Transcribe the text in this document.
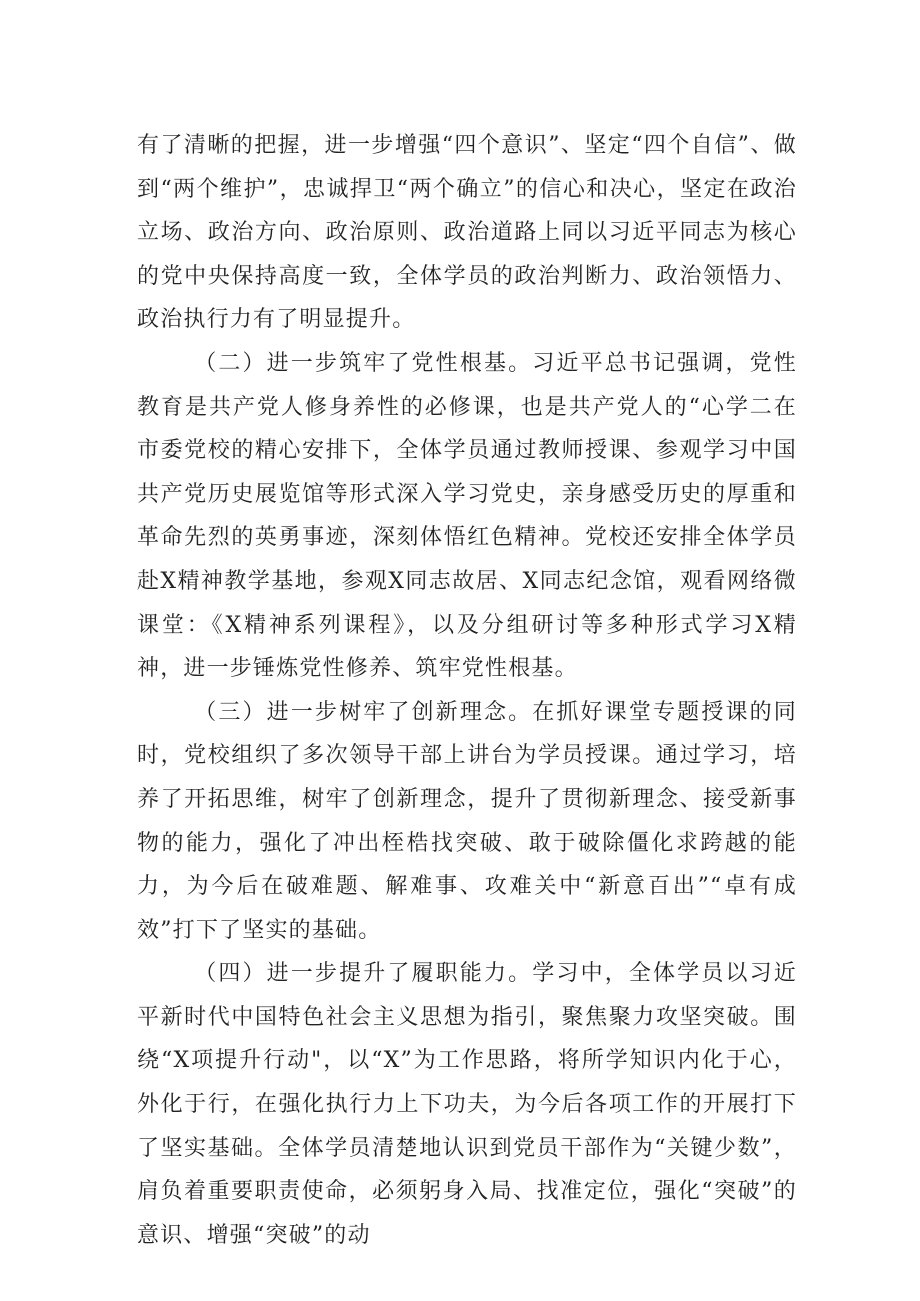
有了清晰的把握，进一步增强“四个意识”、坚定“四个自信”、做到“两个维护”，忠诚捍卫“两个确立”的信心和决心，坚定在政治立场、政治方向、政治原则、政治道路上同以习近平同志为核心的党中央保持高度一致，全体学员的政治判断力、政治领悟力、政治执行力有了明显提升。

（二）进一步筑牢了党性根基。习近平总书记强调，党性教育是共产党人修身养性的必修课，也是共产党人的“心学二在市委党校的精心安排下，全体学员通过教师授课、参观学习中国共产党历史展览馆等形式深入学习党史，亲身感受历史的厚重和革命先烈的英勇事迹，深刻体悟红色精神。党校还安排全体学员赴X精神教学基地，参观X同志故居、X同志纪念馆，观看网络微课堂：《X精神系列课程》，以及分组研讨等多种形式学习X精神，进一步锤炼党性修养、筑牢党性根基。

（三）进一步树牢了创新理念。在抓好课堂专题授课的同时，党校组织了多次领导干部上讲台为学员授课。通过学习，培养了开拓思维，树牢了创新理念，提升了贯彻新理念、接受新事物的能力，强化了冲出桎梏找突破、敢于破除僵化求跨越的能力，为今后在破难题、解难事、攻难关中“新意百出”“卓有成效”打下了坚实的基础。

（四）进一步提升了履职能力。学习中，全体学员以习近平新时代中国特色社会主义思想为指引，聚焦聚力攻坚突破。围绕“X项提升行动"，以“X”为工作思路，将所学知识内化于心，外化于行，在强化执行力上下功夫，为今后各项工作的开展打下了坚实基础。全体学员清楚地认识到党员干部作为“关键少数”，肩负着重要职责使命，必须躬身入局、找准定位，强化“突破”的意识、增强“突破”的动
